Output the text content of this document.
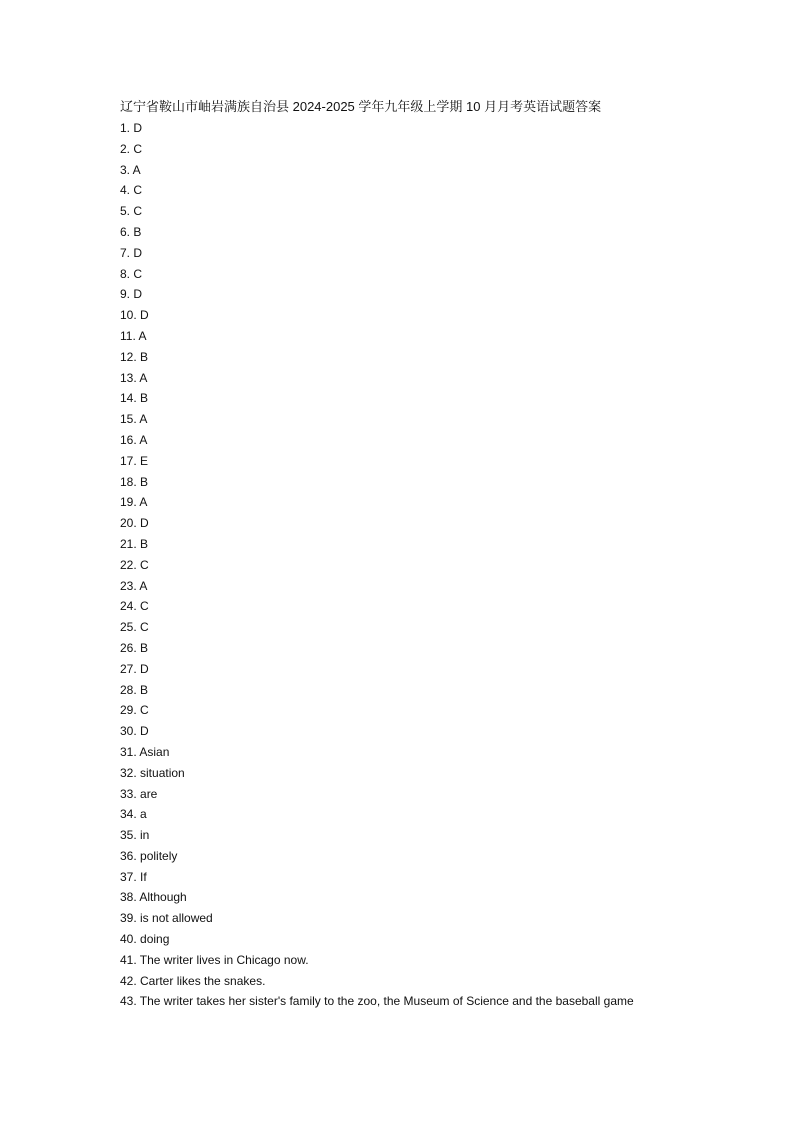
辽宁省鞍山市岫岩满族自治县 2024-2025 学年九年级上学期 10 月月考英语试题答案
1. D
2. C
3. A
4. C
5. C
6. B
7. D
8. C
9. D
10. D
11. A
12. B
13. A
14. B
15. A
16. A
17. E
18. B
19. A
20. D
21. B
22. C
23. A
24. C
25. C
26. B
27. D
28. B
29. C
30. D
31. Asian
32. situation
33. are
34. a
35. in
36. politely
37. If
38. Although
39. is not allowed
40. doing
41. The writer lives in Chicago now.
42. Carter likes the snakes.
43. The writer takes her sister's family to the zoo, the Museum of Science and the baseball game
